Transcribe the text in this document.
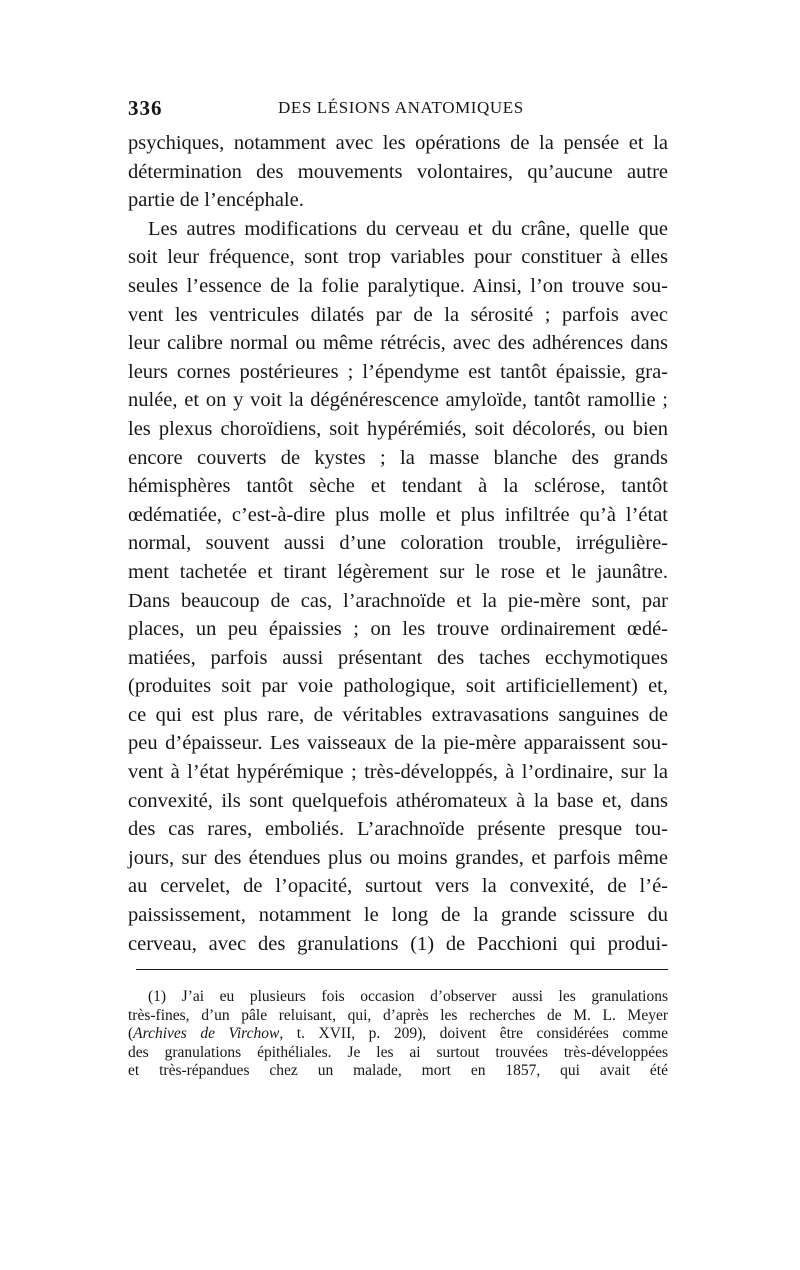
336	DES LÉSIONS ANATOMIQUES
psychiques, notamment avec les opérations de la pensée et la
détermination des mouvements volontaires, qu’aucune autre
partie de l’encéphale.
Les autres modifications du cerveau et du crâne, quelle que
soit leur fréquence, sont trop variables pour constituer à elles
seules l’essence de la folie paralytique. Ainsi, l’on trouve sou-
vent les ventricules dilatés par de la sérosité ; parfois avec
leur calibre normal ou même rétrécis, avec des adhérences dans
leurs cornes postérieures ; l’épendyme est tantôt épaissie, gra-
nulée, et on y voit la dégénérescence amyloïde, tantôt ramollie ;
les plexus choroïdiens, soit hypérémiés, soit décolorés, ou bien
encore couverts de kystes ; la masse blanche des grands
hémisphères tantôt sèche et tendant à la sclérose, tantôt
œdématiée, c’est-à-dire plus molle et plus infiltrée qu’à l’état
normal, souvent aussi d’une coloration trouble, irrégulière-
ment tachetée et tirant légèrement sur le rose et le jaunâtre.
Dans beaucoup de cas, l’arachnoïde et la pie-mère sont, par
places, un peu épaissies ; on les trouve ordinairement œdé-
matiées, parfois aussi présentant des taches ecchymotiques
(produites soit par voie pathologique, soit artificiellement) et,
ce qui est plus rare, de véritables extravasations sanguines de
peu d’épaisseur. Les vaisseaux de la pie-mère apparaissent sou-
vent à l’état hypérémique ; très-développés, à l’ordinaire, sur la
convexité, ils sont quelquefois athéromateux à la base et, dans
des cas rares, emboliés. L’arachnoïde présente presque tou-
jours, sur des étendues plus ou moins grandes, et parfois même
au cervelet, de l’opacité, surtout vers la convexité, de l’é-
paississement, notamment le long de la grande scissure du
cerveau, avec des granulations (1) de Pacchioni qui produi-
(1) J’ai eu plusieurs fois occasion d’observer aussi les granulations
très-fines, d’un pâle reluisant, qui, d’après les recherches de M. L. Meyer
(Archives de Virchow, t. XVII, p. 209), doivent être considérées comme
des granulations épithéliales. Je les ai surtout trouvées très-développées
et très-répandues chez un malade, mort en 1857, qui avait été
